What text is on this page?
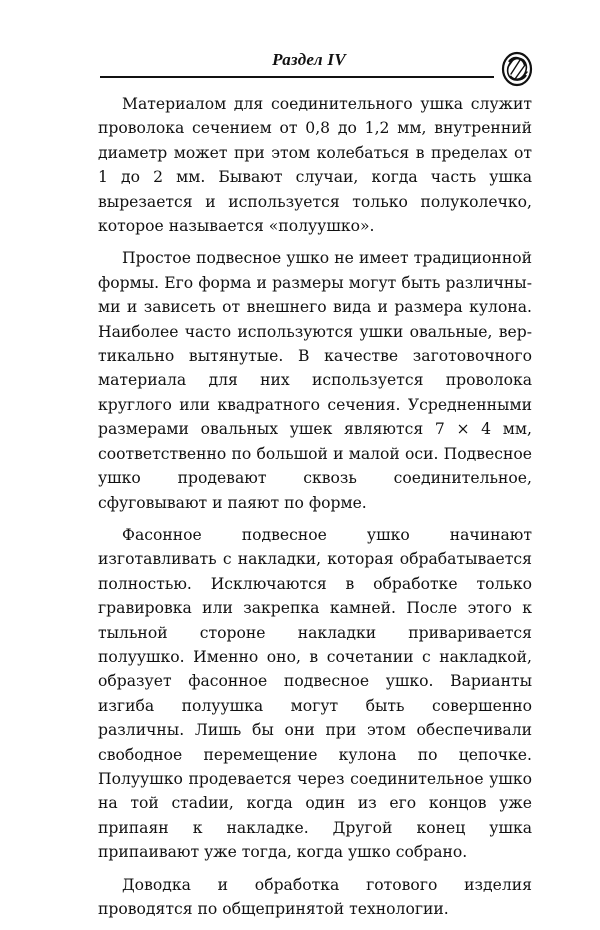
Раздел IV

Материалом для соединительного ушка служит проволока сечением от 0,8 до 1,2 мм, внутренний диаметр может при этом колебаться в пределах от 1 до 2 мм. Бывают случаи, когда часть ушка вырезается и используется только полуколечко, которое называется «полуушко».

Простое подвесное ушко не имеет традиционной формы. Его форма и размеры могут быть различными и зависеть от внешнего вида и размера кулона. Наиболее часто используются ушки овальные, вертикально вытянутые. В качестве заготовочного материала для них используется проволока круглого или квадратного сечения. Усредненными размерами овальных ушек являются 7 × 4 мм, соответственно по большой и малой оси. Подвесное ушко продевают сквозь соединительное, сфуговывают и паяют по форме.

Фасонное подвесное ушко начинают изготавливать с накладки, которая обрабатывается полностью. Исключаются в обработке только гравировка или закрепка камней. После этого к тыльной стороне накладки приваривается полуушко. Именно оно, в сочетании с накладкой, образует фасонное подвесное ушко. Варианты изгиба полуушка могут быть совершенно различны. Лишь бы они при этом обеспечивали свободное перемещение кулона по цепочке. Полуушко продевается через соединительное ушко на той стаdии, когда один из его концов уже припаян к накладке. Другой конец ушка припаивают уже тогда, когда ушко собрано.

Доводка и обработка готового изделия проводятся по общепринятой технологии.
